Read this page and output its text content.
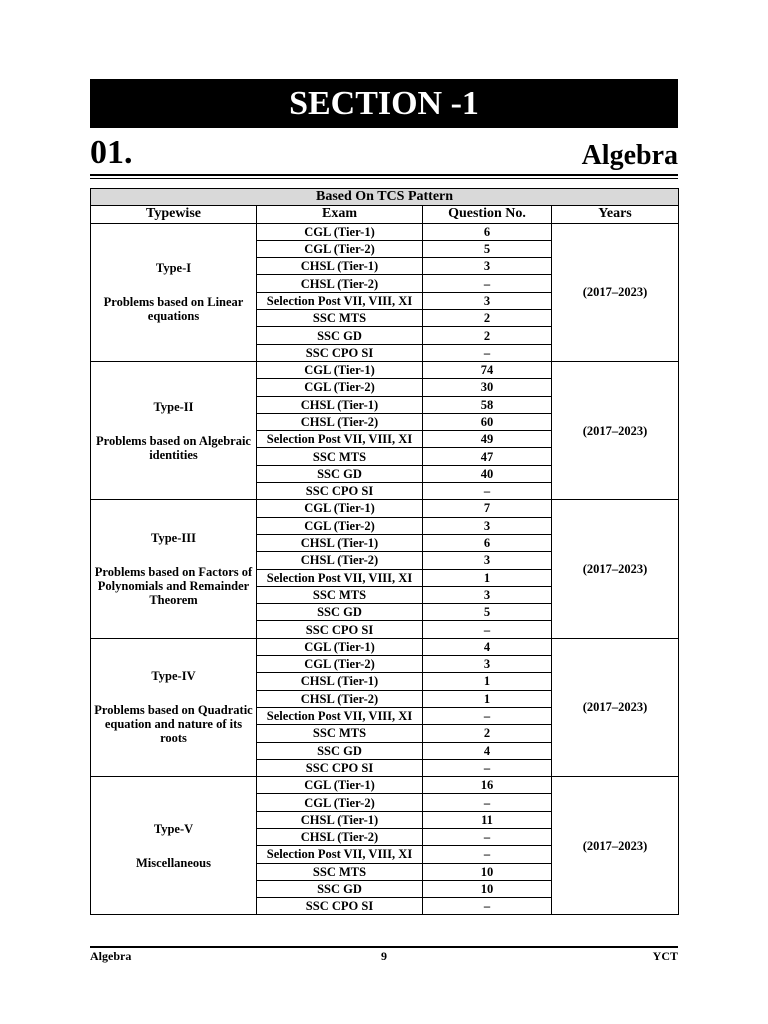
SECTION -1
01.	Algebra
Based On TCS Pattern			
Typewise	Exam	Question No.	Years

Type-I
Problems based on Linear equations	CGL (Tier-1)	6	(2017–2023)
	CGL (Tier-2)	5	
	CHSL (Tier-1)	3	
	CHSL (Tier-2)	–	
	Selection Post VII, VIII, XI	3	
	SSC MTS	2	
	SSC GD	2	
	SSC CPO SI	–	

Type-II
Problems based on Algebraic identities	CGL (Tier-1)	74	(2017–2023)
	CGL (Tier-2)	30	
	CHSL (Tier-1)	58	
	CHSL (Tier-2)	60	
	Selection Post VII, VIII, XI	49	
	SSC MTS	47	
	SSC GD	40	
	SSC CPO SI	–	

Type-III
Problems based on Factors of Polynomials and Remainder Theorem	CGL (Tier-1)	7	(2017–2023)
	CGL (Tier-2)	3	
	CHSL (Tier-1)	6	
	CHSL (Tier-2)	3	
	Selection Post VII, VIII, XI	1	
	SSC MTS	3	
	SSC GD	5	
	SSC CPO SI	–	

Type-IV
Problems based on Quadratic equation and nature of its roots	CGL (Tier-1)	4	(2017–2023)
	CGL (Tier-2)	3	
	CHSL (Tier-1)	1	
	CHSL (Tier-2)	1	
	Selection Post VII, VIII, XI	–	
	SSC MTS	2	
	SSC GD	4	
	SSC CPO SI	–	

Type-V
Miscellaneous	CGL (Tier-1)	16	(2017–2023)
	CGL (Tier-2)	–	
	CHSL (Tier-1)	11	
	CHSL (Tier-2)	–	
	Selection Post VII, VIII, XI	–	
	SSC MTS	10	
	SSC GD	10	
	SSC CPO SI	–	
Algebra	9	YCT
